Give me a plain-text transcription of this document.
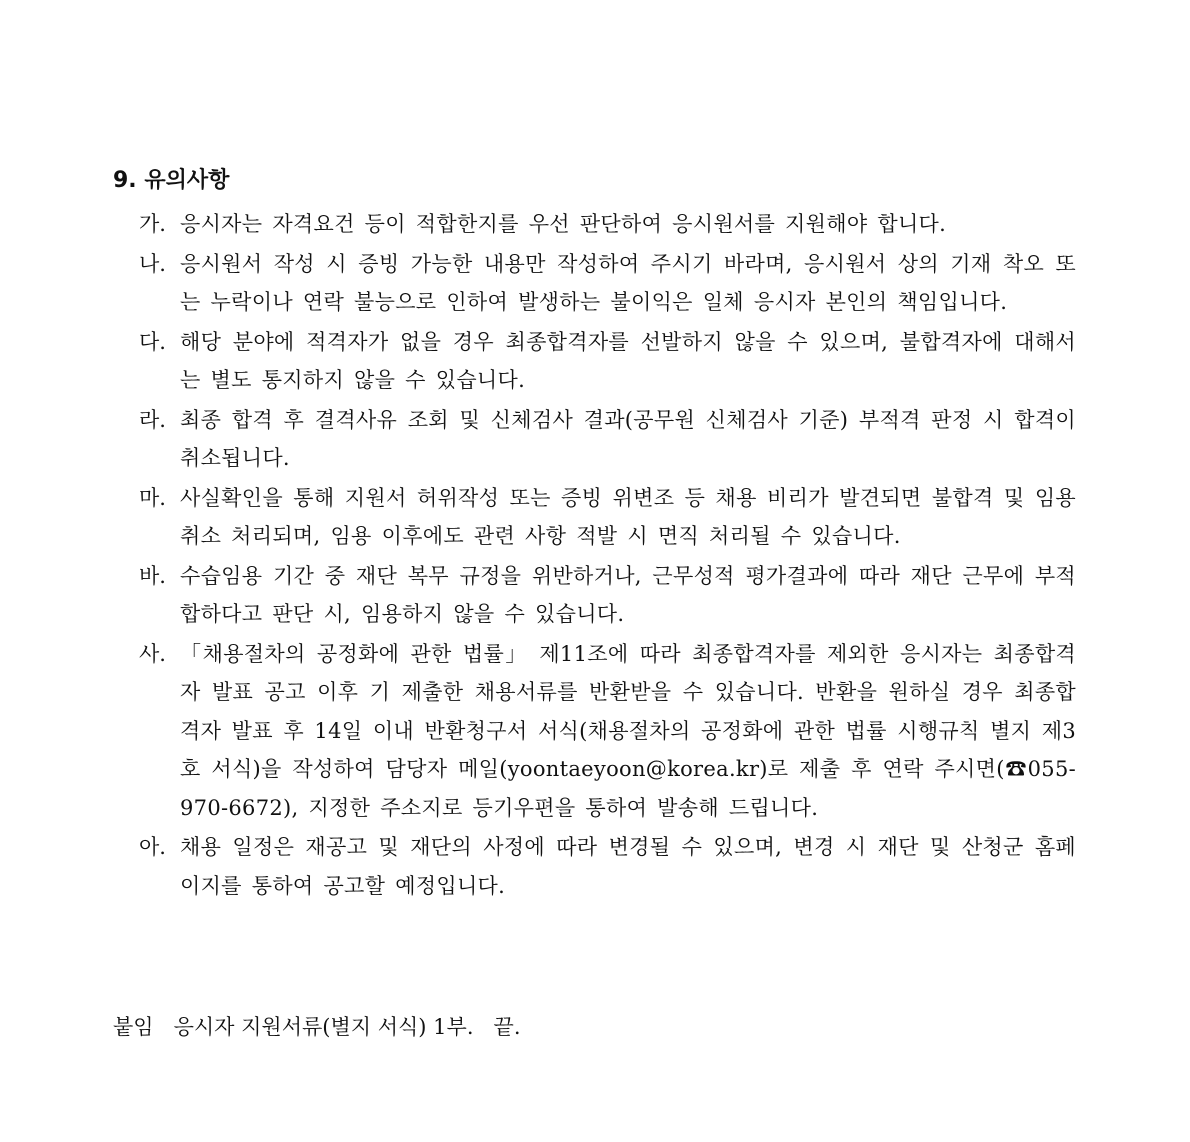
9. 유의사항
가. 응시자는 자격요건 등이 적합한지를 우선 판단하여 응시원서를 지원해야 합니다.
나. 응시원서 작성 시 증빙 가능한 내용만 작성하여 주시기 바라며, 응시원서 상의 기재 착오 또는 누락이나 연락 불능으로 인하여 발생하는 불이익은 일체 응시자 본인의 책임입니다.
다. 해당 분야에 적격자가 없을 경우 최종합격자를 선발하지 않을 수 있으며, 불합격자에 대해서는 별도 통지하지 않을 수 있습니다.
라. 최종 합격 후 결격사유 조회 및 신체검사 결과(공무원 신체검사 기준) 부적격 판정 시 합격이 취소됩니다.
마. 사실확인을 통해 지원서 허위작성 또는 증빙 위변조 등 채용 비리가 발견되면 불합격 및 임용취소 처리되며, 임용 이후에도 관련 사항 적발 시 면직 처리될 수 있습니다.
바. 수습임용 기간 중 재단 복무 규정을 위반하거나, 근무성적 평가결과에 따라 재단 근무에 부적합하다고 판단 시, 임용하지 않을 수 있습니다.
사. 「채용절차의 공정화에 관한 법률」 제11조에 따라 최종합격자를 제외한 응시자는 최종합격자 발표 공고 이후 기 제출한 채용서류를 반환받을 수 있습니다. 반환을 원하실 경우 최종합격자 발표 후 14일 이내 반환청구서 서식(채용절차의 공정화에 관한 법률 시행규칙 별지 제3호 서식)을 작성하여 담당자 메일(yoontaeyoon@korea.kr)로 제출 후 연락 주시면(☎055-970-6672), 지정한 주소지로 등기우편을 통하여 발송해 드립니다.
아. 채용 일정은 재공고 및 재단의 사정에 따라 변경될 수 있으며, 변경 시 재단 및 산청군 홈페이지를 통하여 공고할 예정입니다.
붙임 응시자 지원서류(별지 서식) 1부. 끝.
